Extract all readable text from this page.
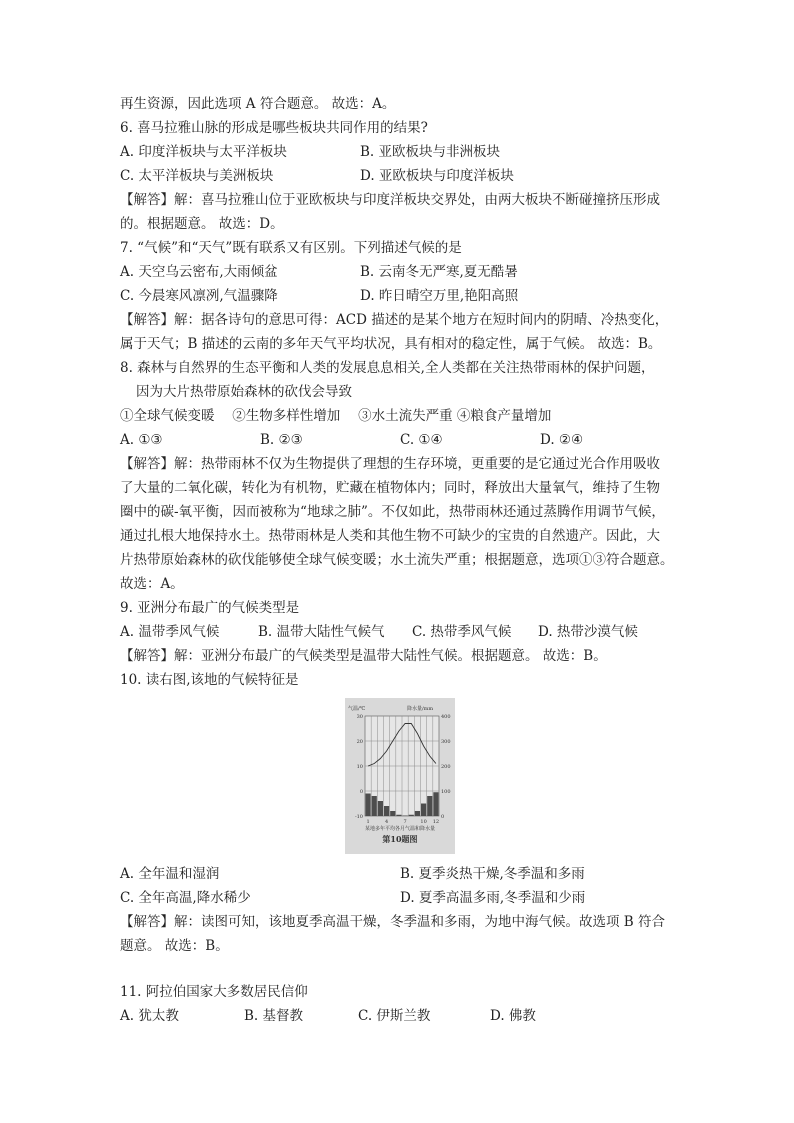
再生资源，因此选项 A 符合题意。 故选：A。
6. 喜马拉雅山脉的形成是哪些板块共同作用的结果?
A. 印度洋板块与太平洋板块	B. 亚欧板块与非洲板块
C. 太平洋板块与美洲板块	D. 亚欧板块与印度洋板块
【解答】解：喜马拉雅山位于亚欧板块与印度洋板块交界处，由两大板块不断碰撞挤压形成
的。根据题意。 故选：D。
7. “气候”和“天气”既有联系又有区别。下列描述气候的是
A. 天空乌云密布,大雨倾盆	B. 云南冬无严寒,夏无酷暑
C. 今晨寒风凛冽,气温骤降	D. 昨日晴空万里,艳阳高照
【解答】解：据各诗句的意思可得：ACD 描述的是某个地方在短时间内的阴晴、冷热变化，
属于天气；B 描述的云南的多年天气平均状况，具有相对的稳定性，属于气候。 故选：B。
8. 森林与自然界的生态平衡和人类的发展息息相关,全人类都在关注热带雨林的保护问题，
因为大片热带原始森林的砍伐会导致
①全球气候变暖　 ②生物多样性增加　 ③水土流失严重 ④粮食产量增加
A. ①③	B. ②③	C. ①④	D. ②④
【解答】解：热带雨林不仅为生物提供了理想的生存环境，更重要的是它通过光合作用吸收
了大量的二氧化碳，转化为有机物，贮藏在植物体内；同时，释放出大量氧气，维持了生物
圈中的碳-氧平衡，因而被称为“地球之肺”。不仅如此，热带雨林还通过蒸腾作用调节气候，
通过扎根大地保持水土。热带雨林是人类和其他生物不可缺少的宝贵的自然遗产。因此，大
片热带原始森林的砍伐能够使全球气候变暖；水土流失严重；根据题意，选项①③符合题意。
故选：A。
9. 亚洲分布最广的气候类型是
A. 温带季风气候	B. 温带大陆性气候气	C. 热带季风气候	D. 热带沙漠气候
【解答】解：亚洲分布最广的气候类型是温带大陆性气候。根据题意。 故选：B。
10. 读右图,该地的气候特征是
气温/℃	降水量/mm
30
20
10
0
-10
400
300
200
100
0
1	4	7	10 12
某地多年平均各月气温和降水量
第10题图
A. 全年温和湿润	B. 夏季炎热干燥,冬季温和多雨
C. 全年高温,降水稀少	D. 夏季高温多雨,冬季温和少雨
【解答】解：读图可知，该地夏季高温干燥，冬季温和多雨，为地中海气候。故选项 B 符合
题意。 故选：B。
11. 阿拉伯国家大多数居民信仰
A. 犹太教	B. 基督教	C. 伊斯兰教	D. 佛教
